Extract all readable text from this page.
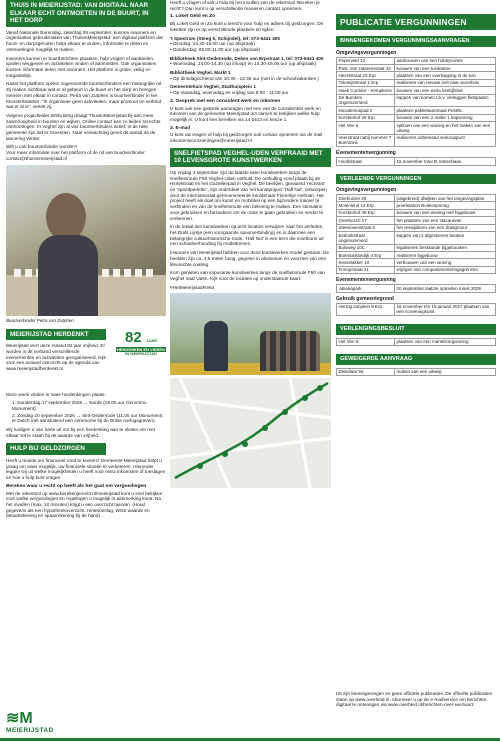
THUIS IN MEIERIJSTAD: VAN DIGITAAL NAAR ELKAAR ECHT ONTMOETEN IN DE BUURT, IN HET DORP

Vanaf Nationale Burendag, zaterdag 26 september, kunnen inwoners en organisaties gebruikmaken van ThuisInMeierijstad: een digitaal platform dat buurt- en dorpsgenoten helpt elkaar te vinden, informatie te delen en ontmoetingen mogelijk te maken.

Inwoners kunnen er buurtberichten plaatsen, hulp vragen of aanbieden, spullen weggeven en activiteiten vinden of aanmelden. Ook organisaties kunnen informatie delen met inwoners. Het platform is gratis, veilig en toegankelijk.

Naast het platform spelen zogenoemde buurtverbinders een belangrijke rol. Zij maken zichtbaar wat er al gebeurt in de buurt en het dorp en brengen mensen met elkaar in contact. Petra van Zutphen is buurtverbinder in het Kloosterkwartier: "Ik organiseer geen activiteiten, maar promoot en verbind wat er al is", vertelt zij.

Volgens projectleider Britta Berg draagt ThuisinMeierijstad bij aan meer saamhorigheid in buurten en wijken. Online contact kan zo leiden tot echte ontmoetingen. In Veghel zijn al vier buurtverbinders actief; in de hele gemeente zijn dat er zeventien. Naar verwachting groeit dit aantal na de lancering verder.

Wilt u ook buurtverbinder worden?

Voor meer informatie over het platform of de rol van buurtverbinder: contact@thuisinmeierijstad.nl

Buurtverbinder Petra van Zutphen
MEIERIJSTAD HERDENKT
Meierijstad viert deze maand 82 jaar vrijheid. Er worden in dit verband verschillende evenementen en activiteiten georganiseerd. Kijk voor een actueel overzicht op de agenda van www.meierijstadherdenkt.nl.
82 JAAR
HERDENKEN EN VIEREN
IN MEIERIJSTAD

Deze week vinden er twee herdenkingen plaats:

1. Donderdag 17 september 2026 → Eerde (19.00 uur Geronimo Monument).

2. Zondag 20 september 2026 → Sint-Oedenrode (11.00 uur Monument) te Dutch met aansluitend een ceremonie bij de Britse oorlogsgraven).

Wij nodigen u van harte uit om bij een herdenking aan te sluiten om met elkaar stil te staan bij de waarde van vrijheid.

HULP BIJ GELDZORGEN

Heeft u moeite om financieel rond te komen? Gemeente Meierijstad helpt u graag om waar mogelijk, uw financiële situatie te verbeteren. Hieronder leggen wij uit welke mogelijkheden u heeft voor extra inkomsten of toeslagen en hoe u hulp kunt vragen.

Bereken waar u recht op heeft als het gaat om vergoedingen

Met de rekentool op www.berekenjerecht.nl/meierijstad kunt u snel bekijken voor welke vergoedingen en regelingen u mogelijk in aanmerking komt. Na het invullen (max. 10 minuten) krijgt u een overzicht hiervan. (Houd gegevens als een hypotheekoverzicht, rentetoeslag, WOZ waarde en betaalrekening en spaarrekening bij de hand).

Heeft u vragen of wilt u hulp bij het invullen van de rekentool 'Bereken je recht'? Dan kunt u op verschillende manieren contact opnemen.

1. Loket Geld en Zo

Bij Loket Geld en Zo kunt u terecht voor hulp en advies bij geldzorgen. De loketten zijn er op verschillende plaatsen en tijden:

't Spectrum (Steeg 5, Schijndel), tel: 073-5441 400

• Dinsdag: 13.30-16.00 uur (op afspraak)

• Donderdag: 09.00-11.00 uur (op afspraak)

Bibliotheek Sint-Oedenrode, Deken van Erpstraat 1, tel: 073-5441 400

• Woensdag: 14.00-14.30 (op inloop) en 14.30-16.00 uur (op afspraak)

Bibliotheek Veghel, Markt 1

• Op dinsdagochtend van 10:30 - 12:30 uur (niet in de schoolvakanties )

Gemeentehuis Veghel, Stadhuisplein 1

• Op maandag, woensdag en vrijdag van 9:00 - 11:00 uur

2. Gesprek met een consulent werk en inkomen

U kunt ook een gesprek aanvragen met een van de consulenten werk en inkomen van de gemeente Meierijstad om samen te bekijken welke hulp mogelijk is. U kunt hen bereiken via 14 0413 en keuze 1.

3. E-mail

U kunt uw vragen of hulp bij geldzorgen ook contact opnemen via de mail inkomensvoorzieningen@meierijstad.nl

SNELFIETSPAD VEGHEL-UDEN VERFRAAID MET 10 LEVENSGROTE KUNSTWERKEN

Op vrijdag 4 september zijn de laatste twee kunstwerken langs de snelfietsroute F50 Veghel-Uden onthuld. De onthulling vond plaats bij de Hintelstraat en het Gazelleepad in Veghel. De beelden, genaamd 'recreant' en 'speedpedelec', zijn onderdeel van het kunstproject 'Half Nul', ontworpen door de internationaal gerenommeerde kunstenaar Florentijn Hofman. Het project heeft als doel om kunst en mobiliteit op een bijzondere manier te verbinden en van de snelfietsroute een beleving te maken. Een stimulans voor gebruikers en bezoekers om de route te gaan gebruiken en verder te verkennen.

In de totaal tien kunstwerken op acht locaties verwijzen naar het verleden, het Duits Lijntje (een voorgaande spoorverbinding) en is daarmee een belangrijke cultuurhistorische route. 'Half Nul' is een term die voortkomt uit een schaalverhouding bij modeltreinen.

Inwoners van Meierijstad hebben voor deze kunstwerken model gestaan. De beelden zijn ca. 3,5 meter hoog, gegoten in aluminium en voorzien van een kleurechte coating.

Kom genieten van imposante kunstwerken langs de snelfietsroute F50 van Veghel naar Uden. Kijk voor de locaties op onderstaande kaart.

#HetMeierijstadFietst

PUBLICATIE VERGUNNINGEN
BINNENGEKOMEN VERGUNNINGSAANVRAGEN
Omgevingsvergunningen
Peperveld 12	aanbouwen van een hobbyruimte
Past. van Haarenstraat 42	bouwen van een tuinkamer
Hezelstraat 23 Erp	plaatsen van een overkapping in de tuin
Tolentijnstraat 1 Erp	realiseren van nieuwe inrit naar woonhuis
Hoek Corridor - Kempkens	bouwen van een extra bedrijfshal
De Bunders ongenummerd	kappen van bomen t.b.v. verleggen fietspaden
Nicodemuspad 2	plaatsen pakketautomaat PostNL
Korstenhof 29 Erp	bouwen van een 2 onder 1 kapwoning
Het Ven 6	splitsen van een woning en het maken van een uitweg
Veerstraat nabij nummer 7 Boerdonk	realiseren onbemand verkooppunt
Evenementenvergunning
Hoofdstraat	15 november Intocht Sinterklaas
VERLEENDE VERGUNNINGEN
Omgevingsvergunningen
Driehuizen 20	(uitgebreid) afwijken van het omgevingsplan
Molenlend 12 Erp	proefstation Buitenspoorig
Korstenhof 39 Erp	bouwen van een woning met bijgebouw
Geerbosch 17	het plaatsen van een stacaravan
Steenovenstraat 6	het verwijderen van een draagmuur
Esdonkstraat ongenummerd	kappen van 2 afgestorven beuken
Bolsweg 10C	legaliseren bestaande bijgebouwen
Boerdonksedijk 4 Erp	realiseren bijgebouw
Kesselakker 10	verbouwen van een woning
Trompstraat 21	wijzigen van compartimenteringsgrenzen
Evenementenvergunning
Julianapark	20 september laatste optreden Kiosk 2026
Gebruik gemeentegrond
Hertog Janplein 9 Erp	16 november t/m 15 januari 2027 plaatsen van een screeningsunit
VERLENGINGSBESLUIT
Het Ven 5	plaatsen van een mantelzorgwoning
GEWEIGERDE AANVRAAG
Distellaar 56	maken van een uitweg
Dit zijn kennisgevingen en geen officiële publicaties. De officiële publicaties staan op www.overheid.nl. Abonneer u op de e-mailservice om berichten digitaal te ontvangen via www.overheid.nl/berichten-over-uw-buurt.
≋M
MEIERIJSTAD
